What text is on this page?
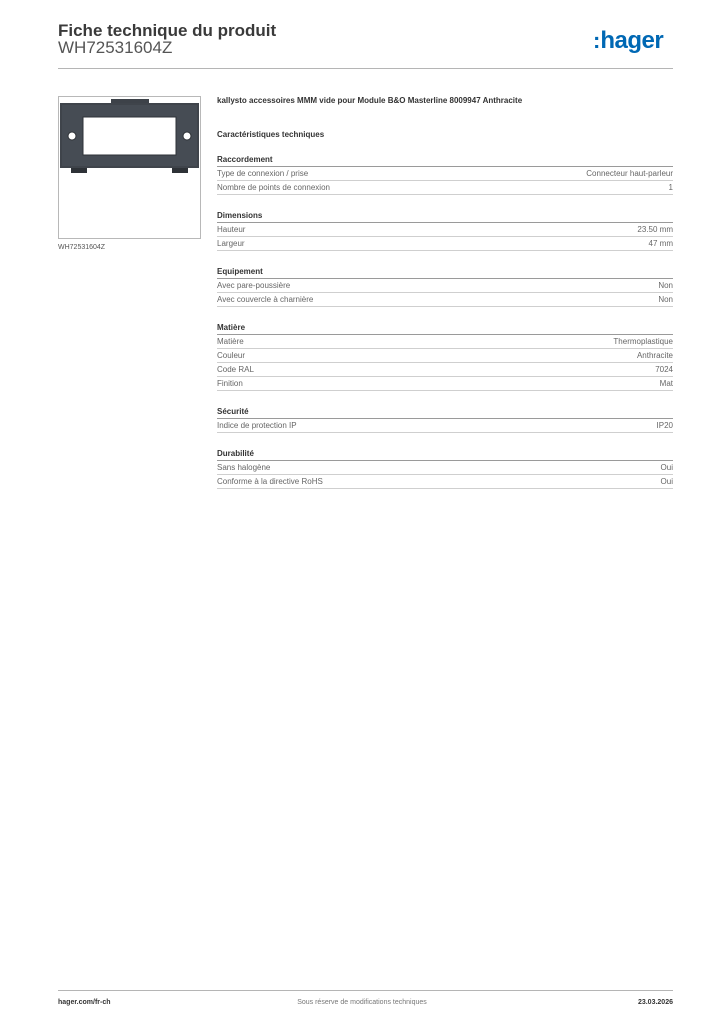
Fiche technique du produit
WH72531604Z	:hager
WH72531604Z
kallysto accessoires MMM vide pour Module B&O Masterline 8009947 Anthracite
Caractéristiques techniques
Raccordement
Type de connexion / prise	Connecteur haut-parleur
Nombre de points de connexion	1
Dimensions
Hauteur	23.50 mm
Largeur	47 mm
Equipement
Avec pare-poussière	Non
Avec couvercle à charnière	Non
Matière
Matière	Thermoplastique
Couleur	Anthracite
Code RAL	7024
Finition	Mat
Sécurité
Indice de protection IP	IP20
Durabilité
Sans halogène	Oui
Conforme à la directive RoHS	Oui
hager.com/fr-ch	Sous réserve de modifications techniques	23.03.2026
